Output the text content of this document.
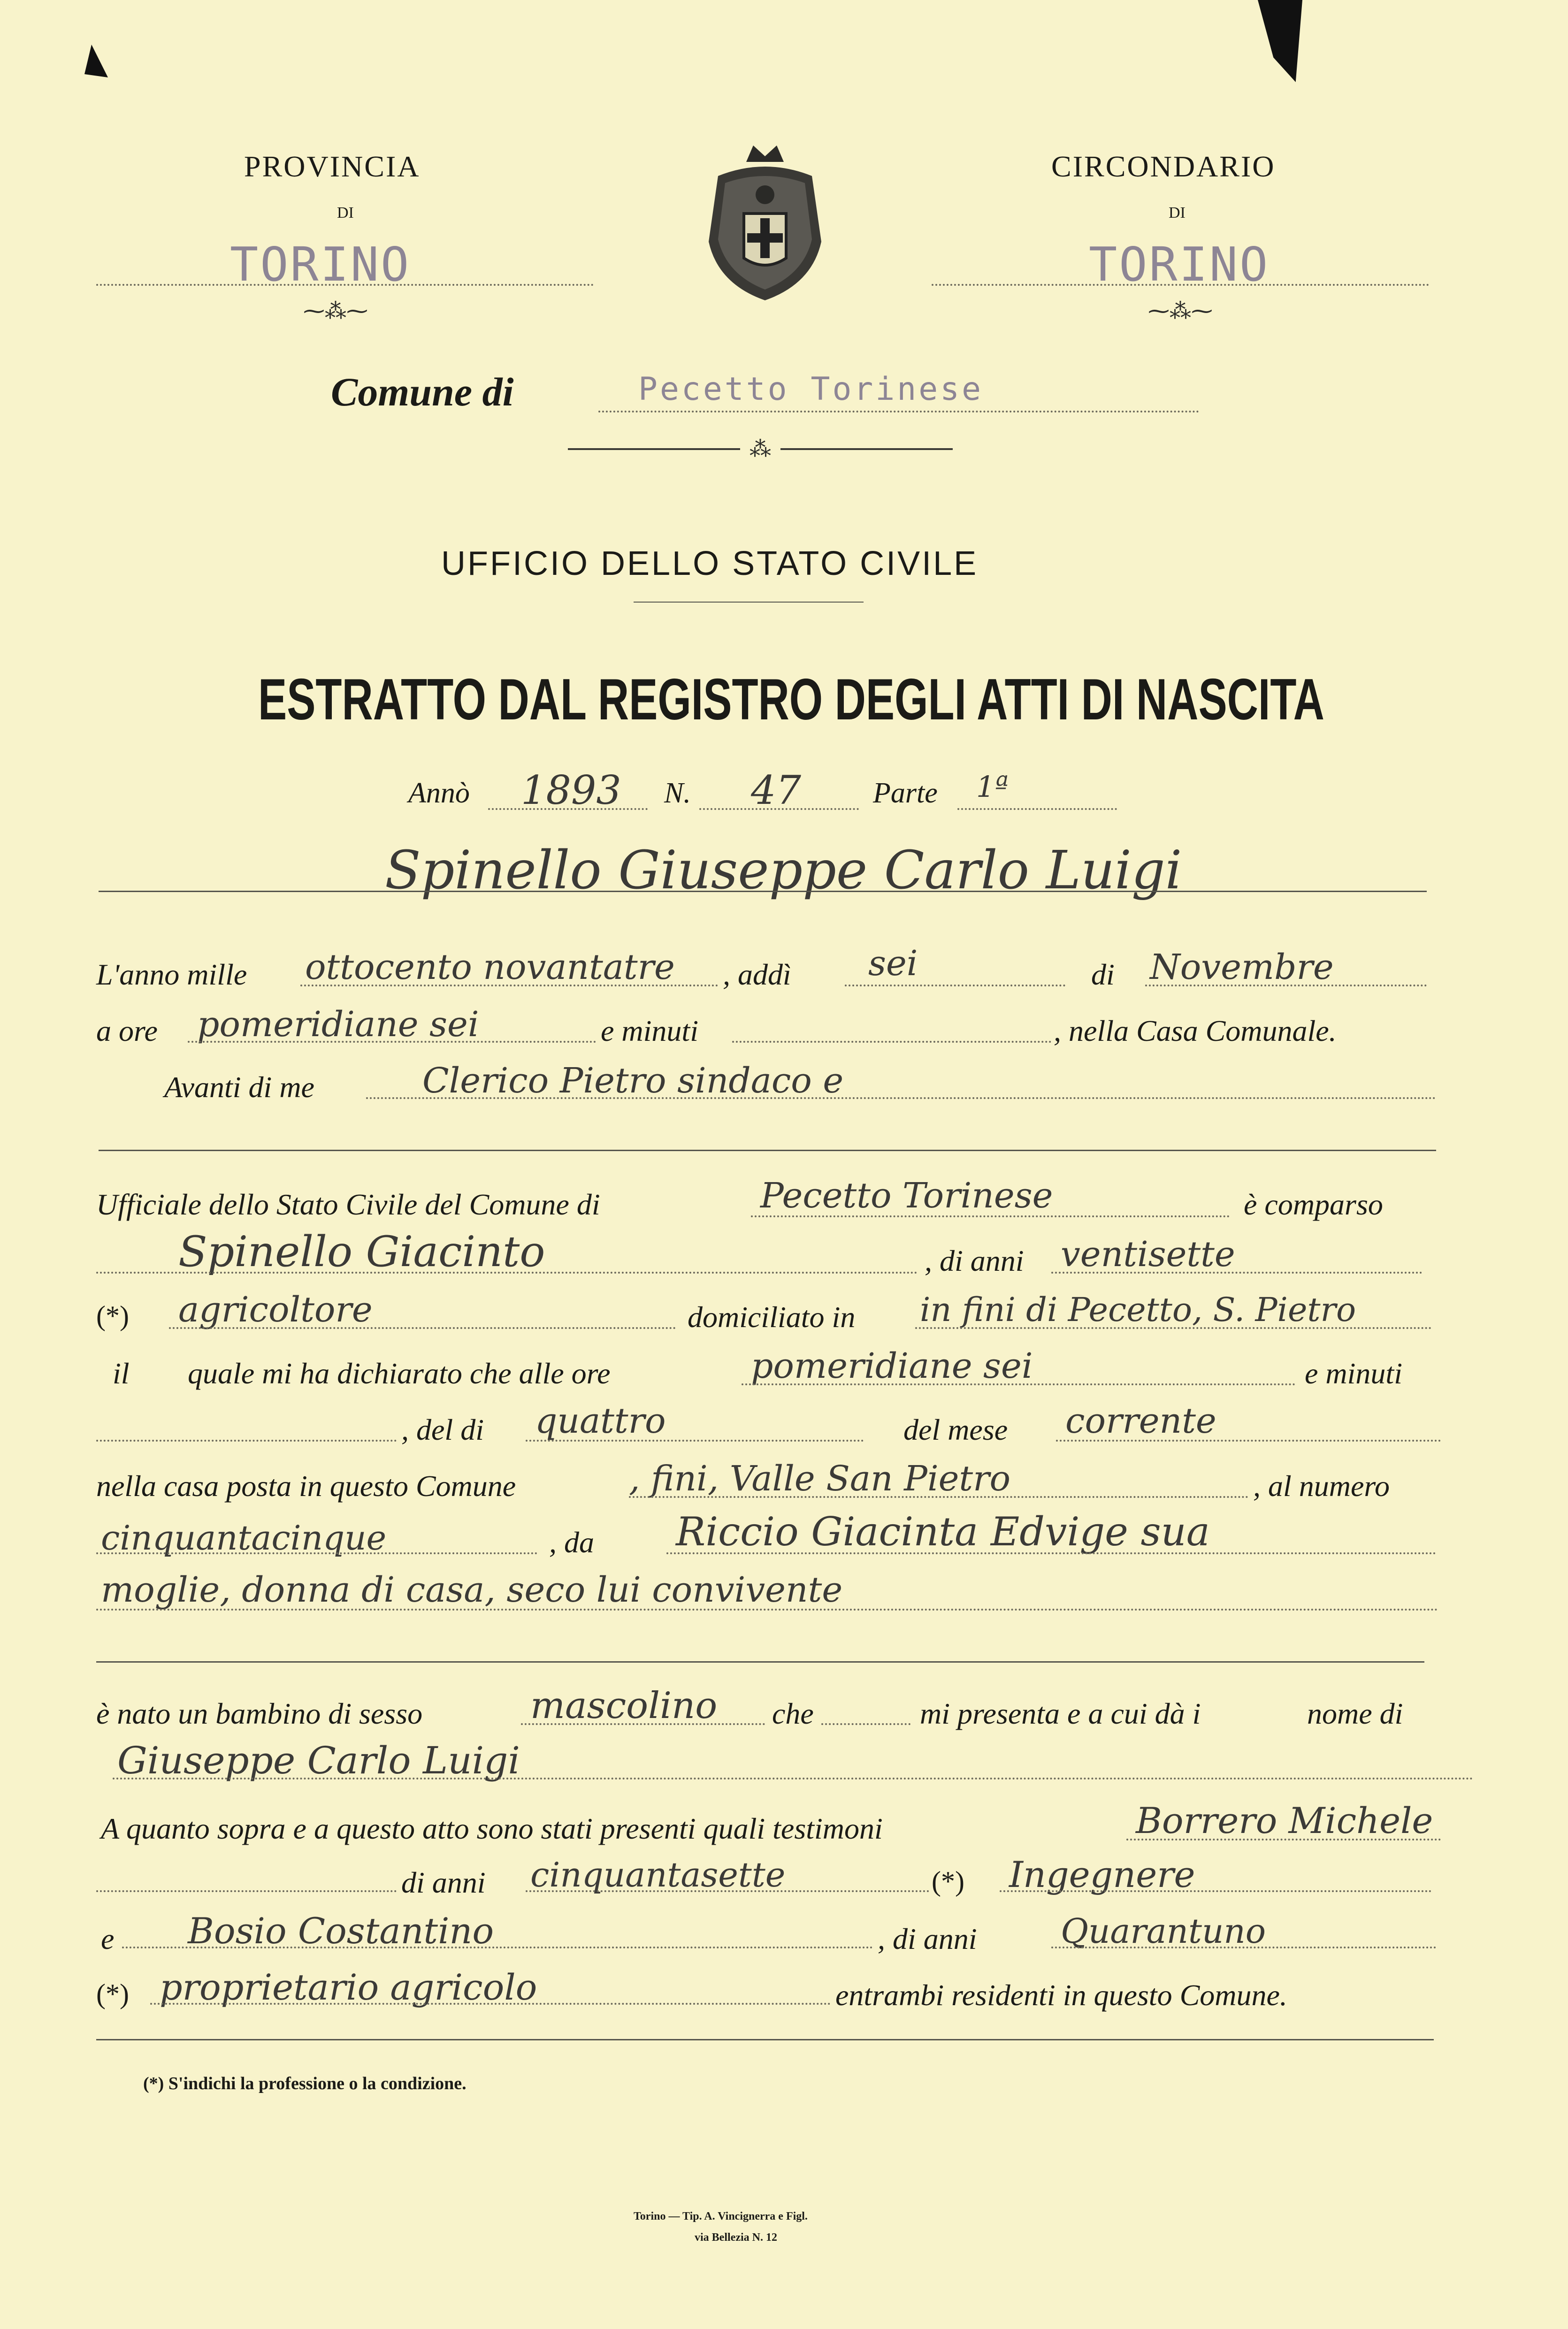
PROVINCIA
DI
TORINO
⁓⁂⁓
CIRCONDARIO
DI
TORINO
⁓⁂⁓
Comune di	Pecetto Torinese
⁂
UFFICIO DELLO STATO CIVILE
ESTRATTO DAL REGISTRO DEGLI ATTI DI NASCITA
Annò 1893 N. 47 Parte 1ª
Spinello Giuseppe Carlo Luigi
L'anno mille ottocento novantatre , addì sei	di Novembre
a ore pomeridiane sei	e minuti	, nella Casa Comunale.
Avanti di me	Clerico Pietro sindaco e
Ufficiale dello Stato Civile del Comune di	Pecetto Torinese	è comparso
Spinello Giacinto	, di anni ventisette
(*) agricoltore	domiciliato in in fini di Pecetto, S. Pietro
il quale mi ha dichiarato che alle ore	pomeridiane sei	e minuti
, del di quattro	del mese corrente
nella casa posta in questo Comune	, fini, Valle San Pietro	, al numero
cinquantacinque	, da Riccio Giacinta Edvige sua
moglie, donna di casa, seco lui convivente
è nato un bambino di sesso	mascolino che	mi presenta e a cui dà i	nome di
Giuseppe Carlo Luigi
A quanto sopra e a questo atto sono stati presenti quali testimoni	Borrero Michele
di anni cinquantasette	(*) Ingegnere
e Bosio Costantino	, di anni Quarantuno
(*) proprietario agricolo	entrambi residenti in questo Comune.
(*) S'indichi la professione o la condizione.
Torino — Tip. A. Vincignerra e Figl.
via Bellezia N. 12
